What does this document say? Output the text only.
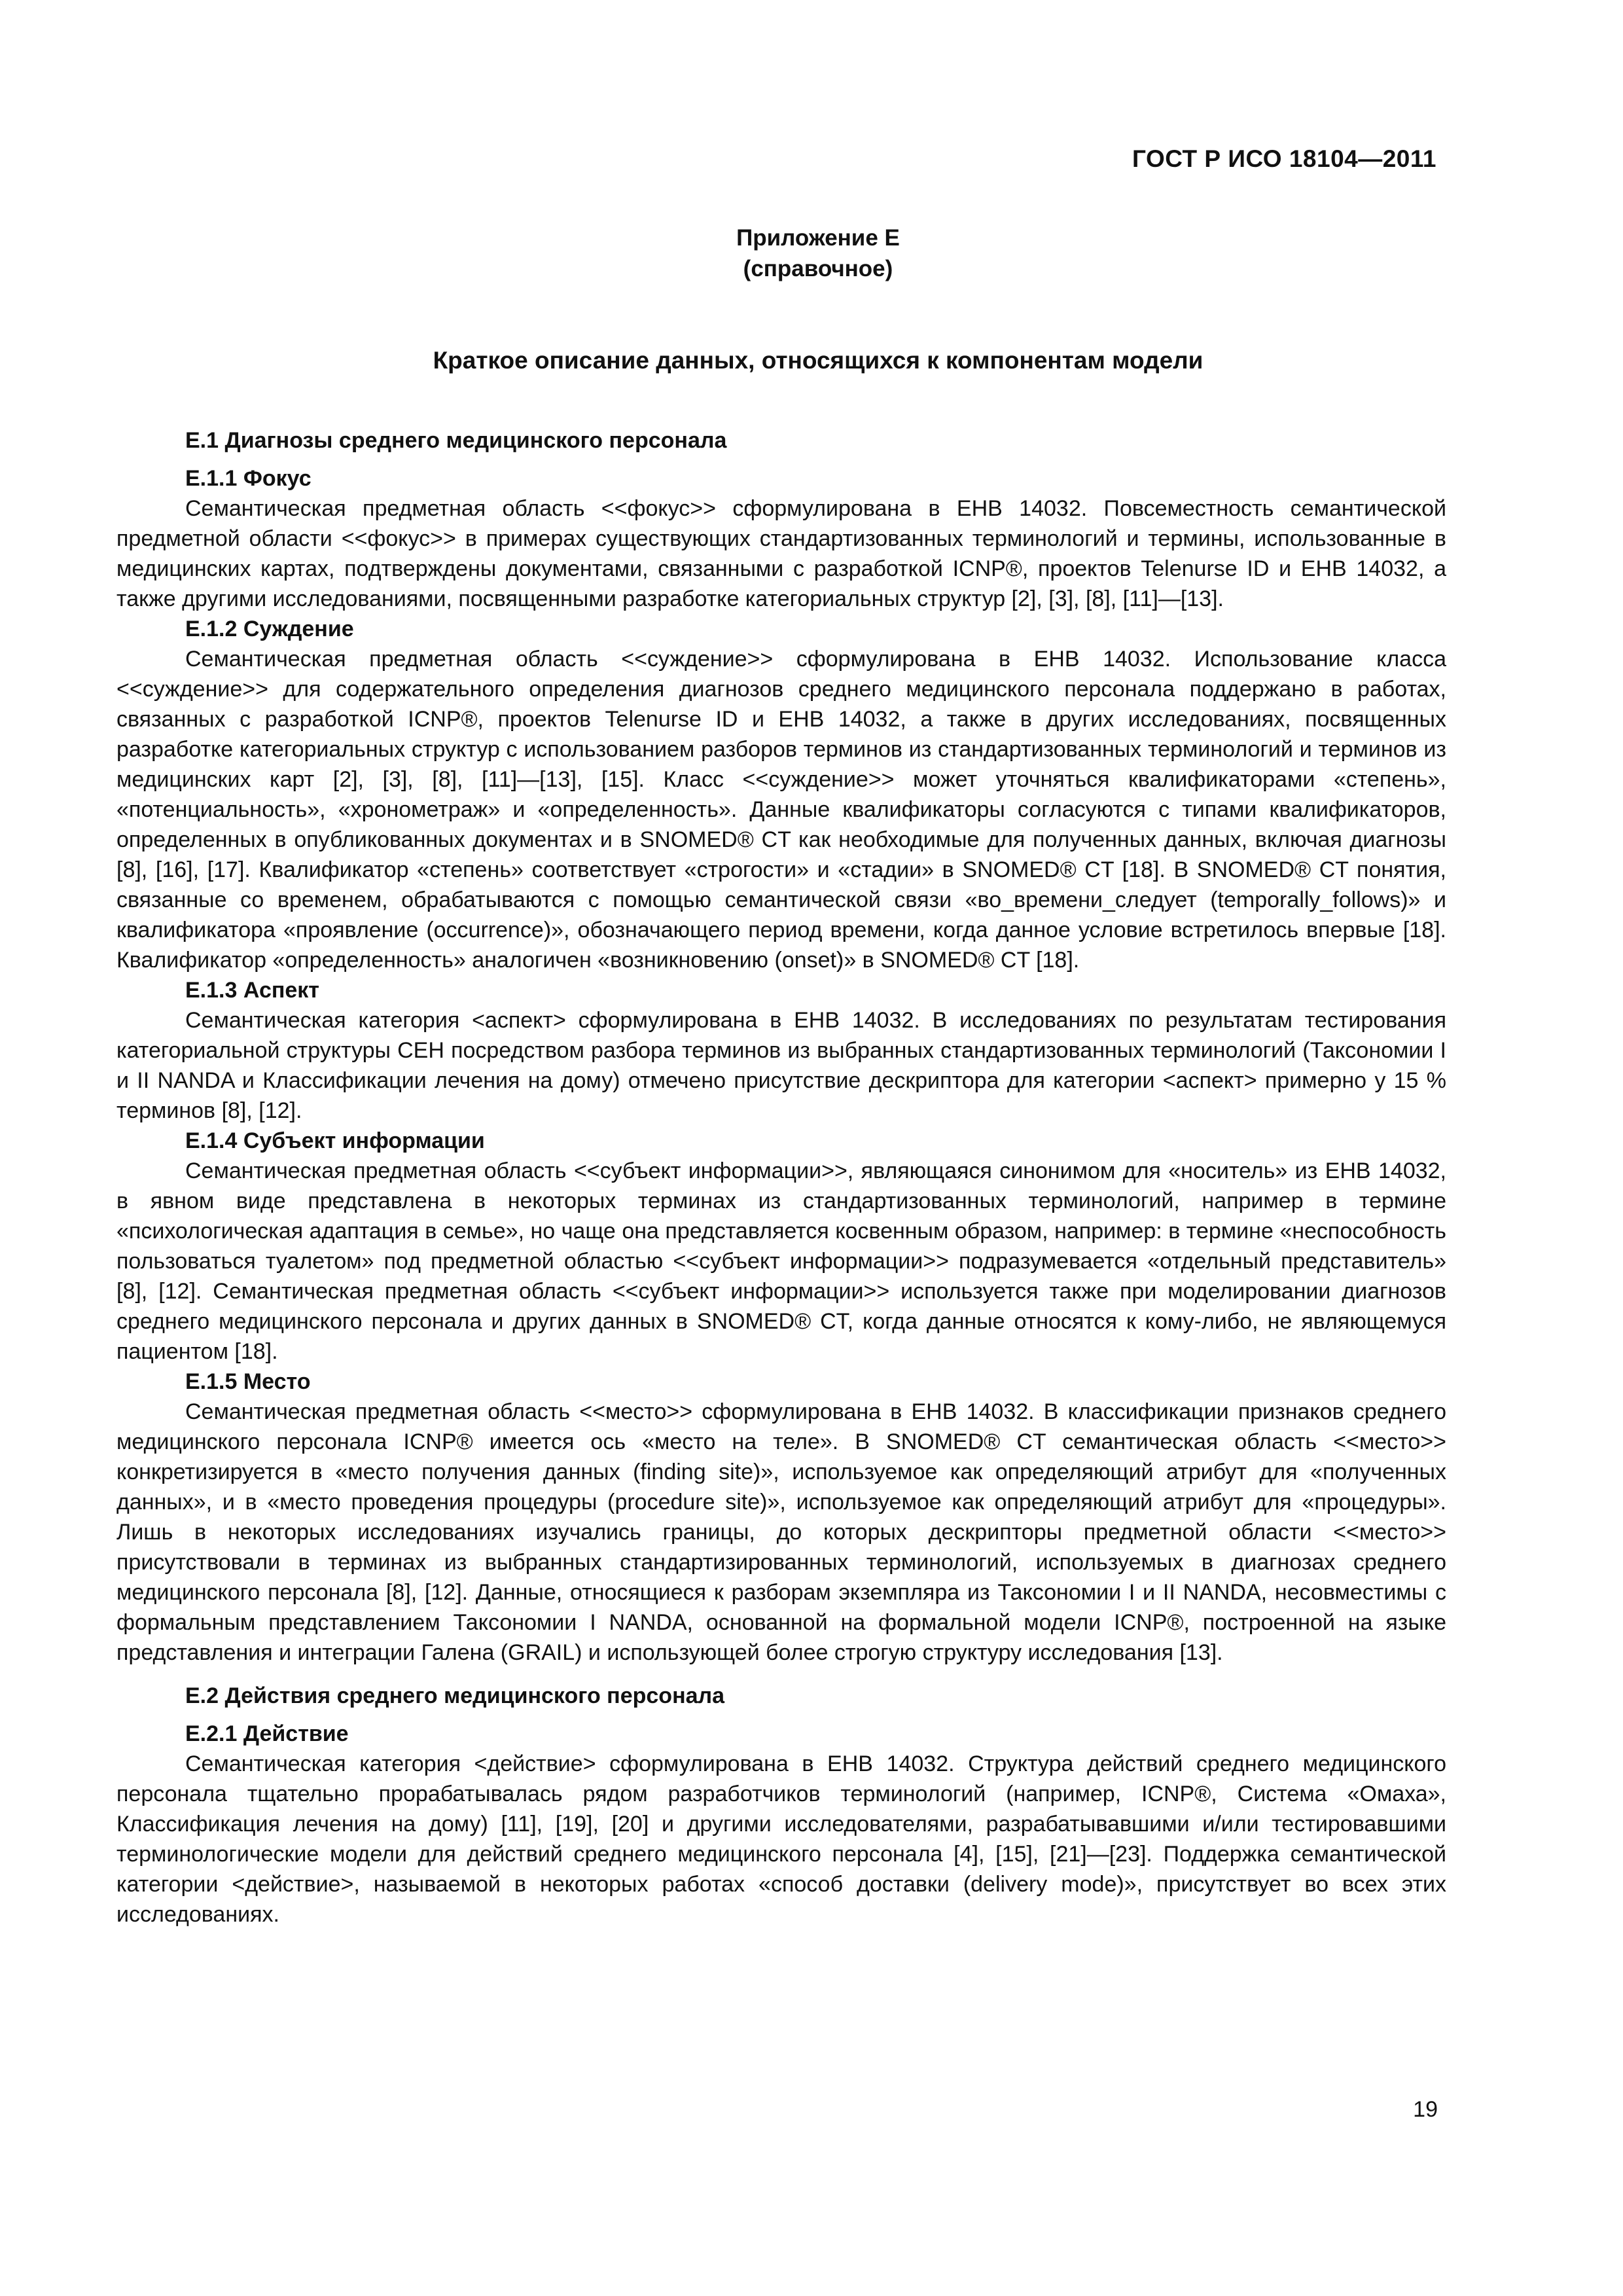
ГОСТ Р ИСО 18104—2011
Приложение Е
(справочное)
Краткое описание данных, относящихся к компонентам модели

Е.1 Диагнозы среднего медицинского персонала

Е.1.1 Фокус

Семантическая предметная область <<фокус>> сформулирована в ЕНВ 14032. Повсеместность семантической предметной области <<фокус>> в примерах существующих стандартизованных терминологий и термины, использованные в медицинских картах, подтверждены документами, связанными с разработкой ICNP®, проектов Telenurse ID и ЕНВ 14032, а также другими исследованиями, посвященными разработке категориальных структур [2], [3], [8], [11]—[13].

Е.1.2 Суждение

Семантическая предметная область <<суждение>> сформулирована в ЕНВ 14032. Использование класса <<суждение>> для содержательного определения диагнозов среднего медицинского персонала поддержано в работах, связанных с разработкой ICNP®, проектов Telenurse ID и ЕНВ 14032, а также в других исследованиях, посвященных разработке категориальных структур с использованием разборов терминов из стандартизованных терминологий и терминов из медицинских карт [2], [3], [8], [11]—[13], [15]. Класс <<суждение>> может уточняться квалификаторами «степень», «потенциальность», «хронометраж» и «определенность». Данные квалификаторы согласуются с типами квалификаторов, определенных в опубликованных документах и в SNOMED® CT как необходимые для полученных данных, включая диагнозы [8], [16], [17]. Квалификатор «степень» соответствует «строгости» и «стадии» в SNOMED® CT [18]. В SNOMED® CT понятия, связанные со временем, обрабатываются с помощью семантической связи «во_времени_следует (temporally_follows)» и квалификатора «проявление (occurrence)», обозначающего период времени, когда данное условие встретилось впервые [18]. Квалификатор «определенность» аналогичен «возникновению (onset)» в SNOMED® CT [18].

Е.1.3 Аспект

Семантическая категория <аспект> сформулирована в ЕНВ 14032. В исследованиях по результатам тестирования категориальной структуры CEH посредством разбора терминов из выбранных стандартизованных терминологий (Таксономии I и II NANDA и Классификации лечения на дому) отмечено присутствие дескриптора для категории <аспект> примерно у 15 % терминов [8], [12].

Е.1.4 Субъект информации

Семантическая предметная область <<субъект информации>>, являющаяся синонимом для «носитель» из ЕНВ 14032, в явном виде представлена в некоторых терминах из стандартизованных терминологий, например в термине «психологическая адаптация в семье», но чаще она представляется косвенным образом, например: в термине «неспособность пользоваться туалетом» под предметной областью <<субъект информации>> подразумевается «отдельный представитель» [8], [12]. Семантическая предметная область <<субъект информации>> используется также при моделировании диагнозов среднего медицинского персонала и других данных в SNOMED® CT, когда данные относятся к кому-либо, не являющемуся пациентом [18].

Е.1.5 Место

Семантическая предметная область <<место>> сформулирована в ЕНВ 14032. В классификации признаков среднего медицинского персонала ICNP® имеется ось «место на теле». В SNOMED® CT семантическая область <<место>> конкретизируется в «место получения данных (finding site)», используемое как определяющий атрибут для «полученных данных», и в «место проведения процедуры (procedure site)», используемое как определяющий атрибут для «процедуры». Лишь в некоторых исследованиях изучались границы, до которых дескрипторы предметной области <<место>> присутствовали в терминах из выбранных стандартизированных терминологий, используемых в диагнозах среднего медицинского персонала [8], [12]. Данные, относящиеся к разборам экземпляра из Таксономии I и II NANDA, несовместимы с формальным представлением Таксономии I NANDA, основанной на формальной модели ICNP®, построенной на языке представления и интеграции Галена (GRAIL) и использующей более строгую структуру исследования [13].

Е.2 Действия среднего медицинского персонала

Е.2.1 Действие

Семантическая категория <действие> сформулирована в ЕНВ 14032. Структура действий среднего медицинского персонала тщательно прорабатывалась рядом разработчиков терминологий (например, ICNP®, Система «Омаха», Классификация лечения на дому) [11], [19], [20] и другими исследователями, разрабатывавшими и/или тестировавшими терминологические модели для действий среднего медицинского персонала [4], [15], [21]—[23]. Поддержка семантической категории <действие>, называемой в некоторых работах «способ доставки (delivery mode)», присутствует во всех этих исследованиях.

19
